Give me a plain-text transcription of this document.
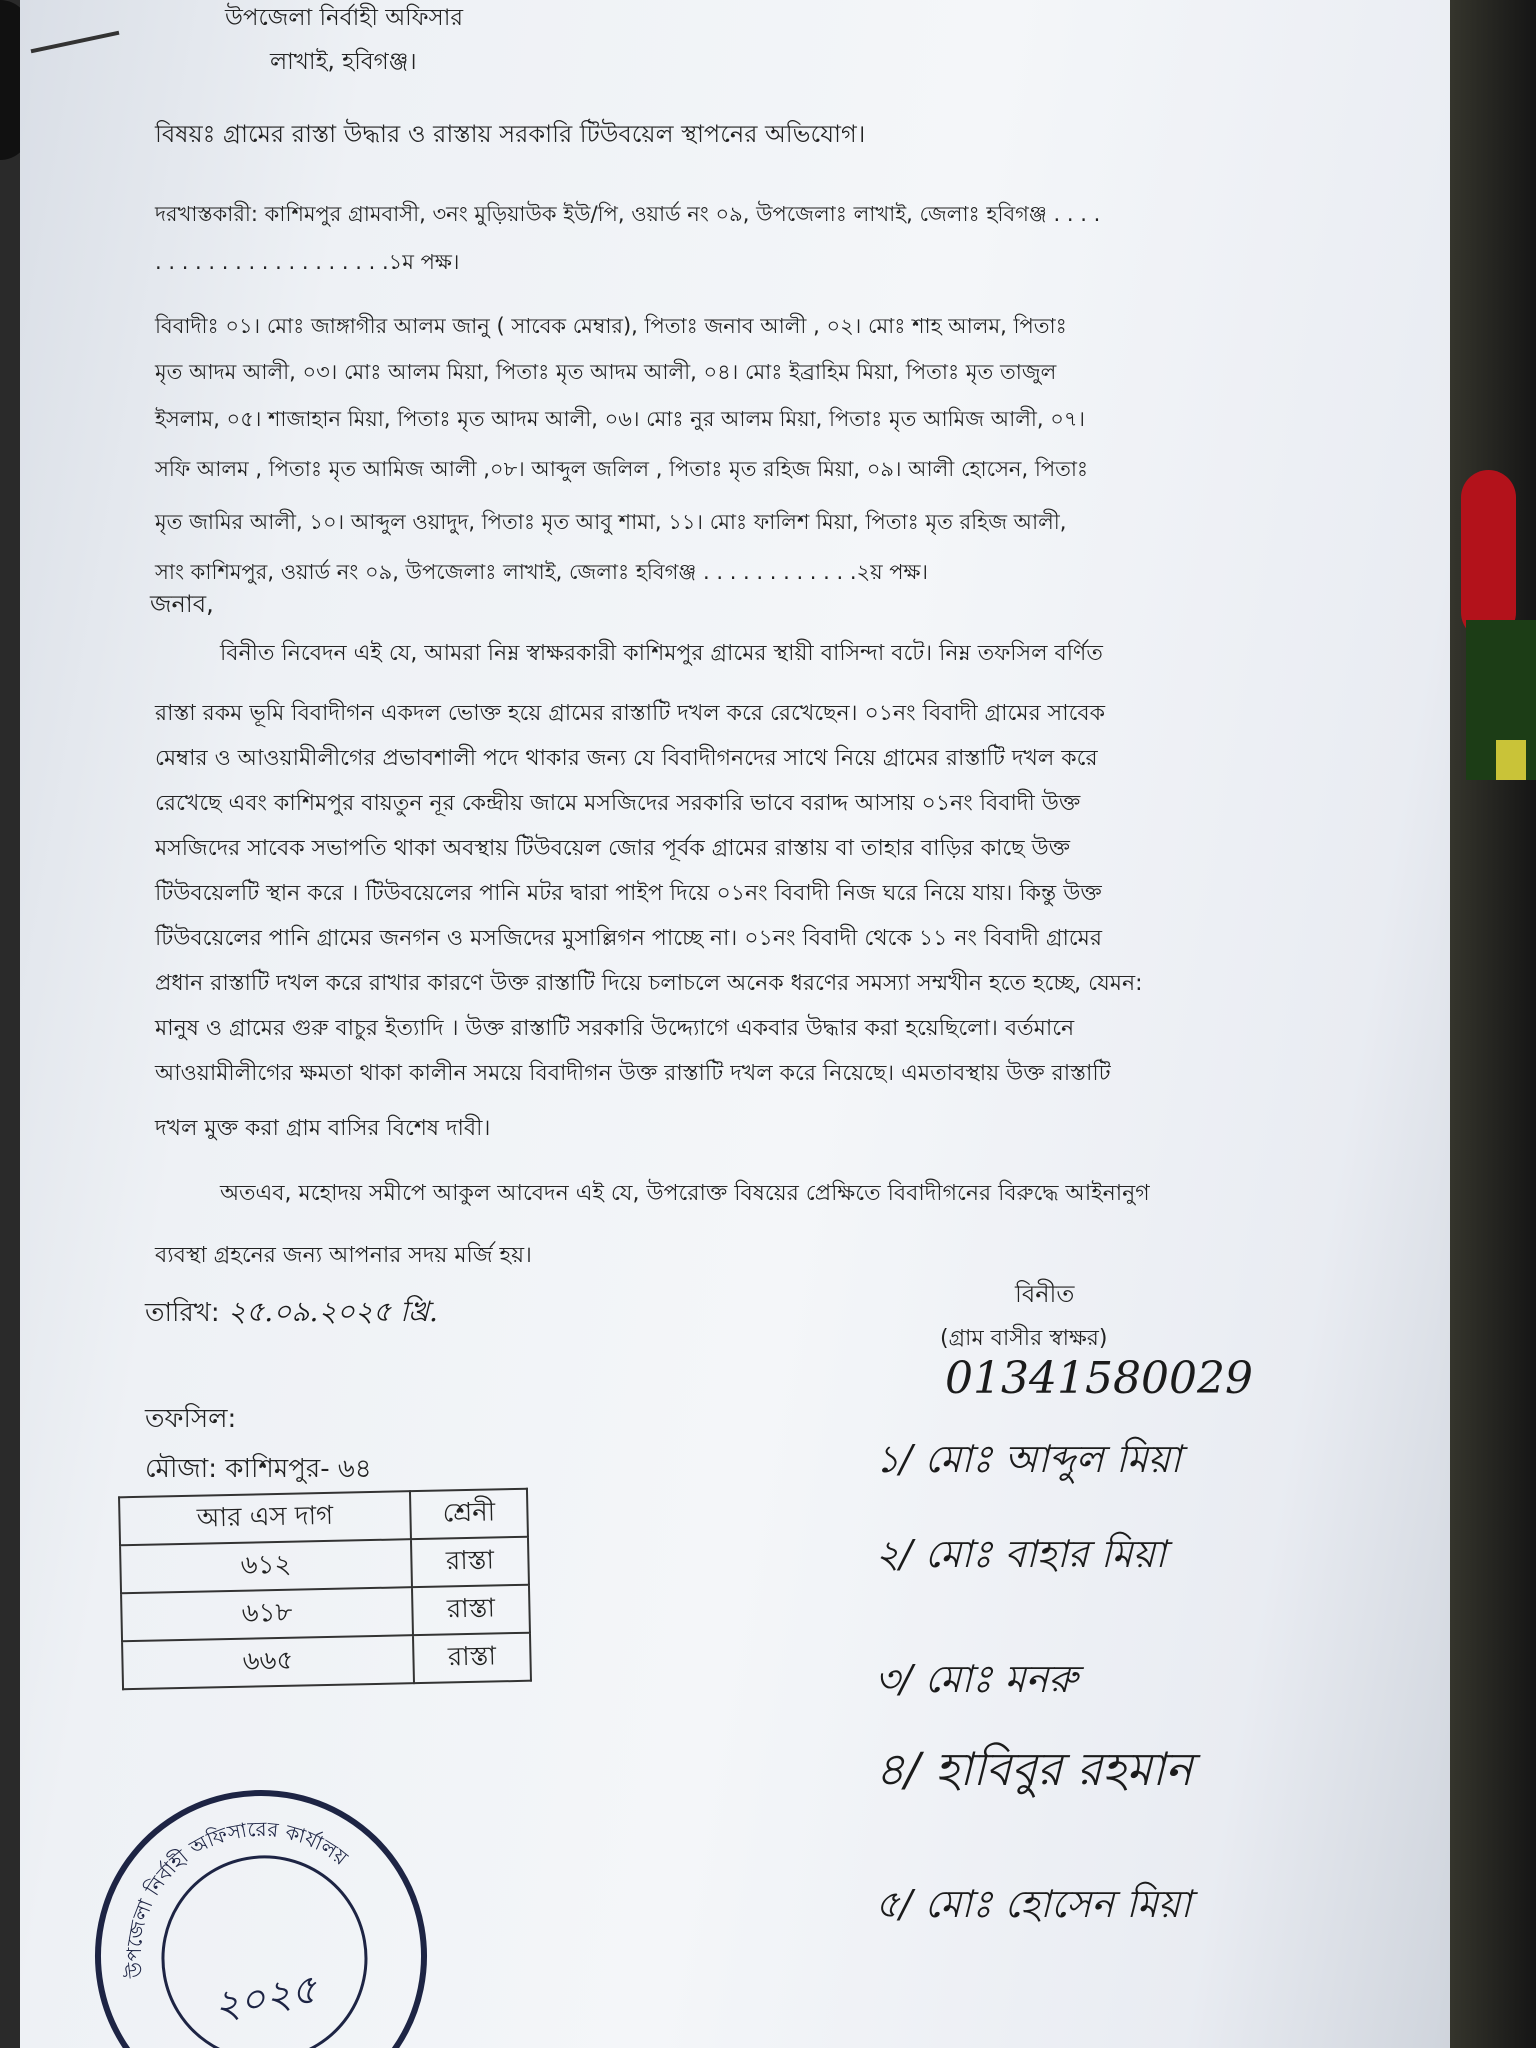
উপজেলা নির্বাহী অফিসার
লাখাই, হবিগঞ্জ।
বিষয়ঃ গ্রামের রাস্তা উদ্ধার ও রাস্তায় সরকারি টিউবয়েল স্থাপনের অভিযোগ।
দরখাস্তকারী: কাশিমপুর গ্রামবাসী, ৩নং মুড়িয়াউক ইউ/পি, ওয়ার্ড নং ০৯, উপজেলাঃ লাখাই, জেলাঃ হবিগঞ্জ . . . .
. . . . . . . . . . . . . . . . . .১ম পক্ষ।
বিবাদীঃ ০১। মোঃ জাঙ্গাগীর আলম জানু ( সাবেক মেম্বার), পিতাঃ জনাব আলী , ০২। মোঃ শাহ আলম, পিতাঃ
মৃত আদম আলী, ০৩। মোঃ আলম মিয়া, পিতাঃ মৃত আদম আলী, ০৪। মোঃ ইব্রাহিম মিয়া, পিতাঃ মৃত তাজুল
ইসলাম, ০৫। শাজাহান মিয়া, পিতাঃ মৃত আদম আলী, ০৬। মোঃ নুর আলম মিয়া, পিতাঃ মৃত আমিজ আলী, ০৭।
সফি আলম , পিতাঃ মৃত আমিজ আলী ,০৮। আব্দুল জলিল , পিতাঃ মৃত রহিজ মিয়া, ০৯। আলী হোসেন, পিতাঃ
মৃত জামির আলী, ১০। আব্দুল ওয়াদুদ, পিতাঃ মৃত আবু শামা, ১১। মোঃ ফালিশ মিয়া, পিতাঃ মৃত রহিজ আলী,
সাং কাশিমপুর, ওয়ার্ড নং ০৯, উপজেলাঃ লাখাই, জেলাঃ হবিগঞ্জ . . . . . . . . . . . .২য় পক্ষ।
জনাব,
বিনীত নিবেদন এই যে, আমরা নিম্ন স্বাক্ষরকারী কাশিমপুর গ্রামের স্থায়ী বাসিন্দা বটে। নিম্ন তফসিল বর্ণিত
রাস্তা রকম ভূমি বিবাদীগন একদল ভোক্ত হয়ে গ্রামের রাস্তাটি দখল করে রেখেছেন। ০১নং বিবাদী গ্রামের সাবেক
মেম্বার ও আওয়ামীলীগের প্রভাবশালী পদে থাকার জন্য যে বিবাদীগনদের সাথে নিয়ে গ্রামের রাস্তাটি দখল করে
রেখেছে এবং কাশিমপুর বায়তুন নূর কেন্দ্রীয় জামে মসজিদের সরকারি ভাবে বরাদ্দ আসায় ০১নং বিবাদী উক্ত
মসজিদের সাবেক সভাপতি থাকা অবস্থায় টিউবয়েল জোর পূর্বক গ্রামের রাস্তায় বা তাহার বাড়ির কাছে উক্ত
টিউবয়েলটি স্থান করে । টিউবয়েলের পানি মটর দ্বারা পাইপ দিয়ে ০১নং বিবাদী নিজ ঘরে নিয়ে যায়। কিন্তু উক্ত
টিউবয়েলের পানি গ্রামের জনগন ও মসজিদের মুসাল্লিগন পাচ্ছে না। ০১নং বিবাদী থেকে ১১ নং বিবাদী গ্রামের
প্রধান রাস্তাটি দখল করে রাখার কারণে উক্ত রাস্তাটি দিয়ে চলাচলে অনেক ধরণের সমস্যা সম্মখীন হতে হচ্ছে, যেমন:
মানুষ ও গ্রামের গুরু বাচুর ইত্যাদি । উক্ত রাস্তাটি সরকারি উদ্দ্যোগে একবার উদ্ধার করা হয়েছিলো। বর্তমানে
আওয়ামীলীগের ক্ষমতা থাকা কালীন সময়ে বিবাদীগন উক্ত রাস্তাটি দখল করে নিয়েছে। এমতাবস্থায় উক্ত রাস্তাটি
দখল মুক্ত করা গ্রাম বাসির বিশেষ দাবী।
অতএব, মহোদয় সমীপে আকুল আবেদন এই যে, উপরোক্ত বিষয়ের প্রেক্ষিতে বিবাদীগনের বিরুদ্ধে আইনানুগ
ব্যবস্থা গ্রহনের জন্য আপনার সদয় মর্জি হয়।
তারিখ: ২৫.০৯.২০২৫ খ্রি.
বিনীত
(গ্রাম বাসীর স্বাক্ষর)
01341580029
১/ মোঃ আব্দুল মিয়া
২/ মোঃ বাহার মিয়া
৩/ মোঃ মনরু
৪/ হাবিবুর রহমান
৫/ মোঃ হোসেন মিয়া
তফসিল:
মৌজা: কাশিমপুর- ৬৪
আর এস দাগ	শ্রেনী
৬১২	রাস্তা
৬১৮	রাস্তা
৬৬৫	রাস্তা
উপজেলা নির্বাহী অফিসারের কার্যালয়
২০২৫
